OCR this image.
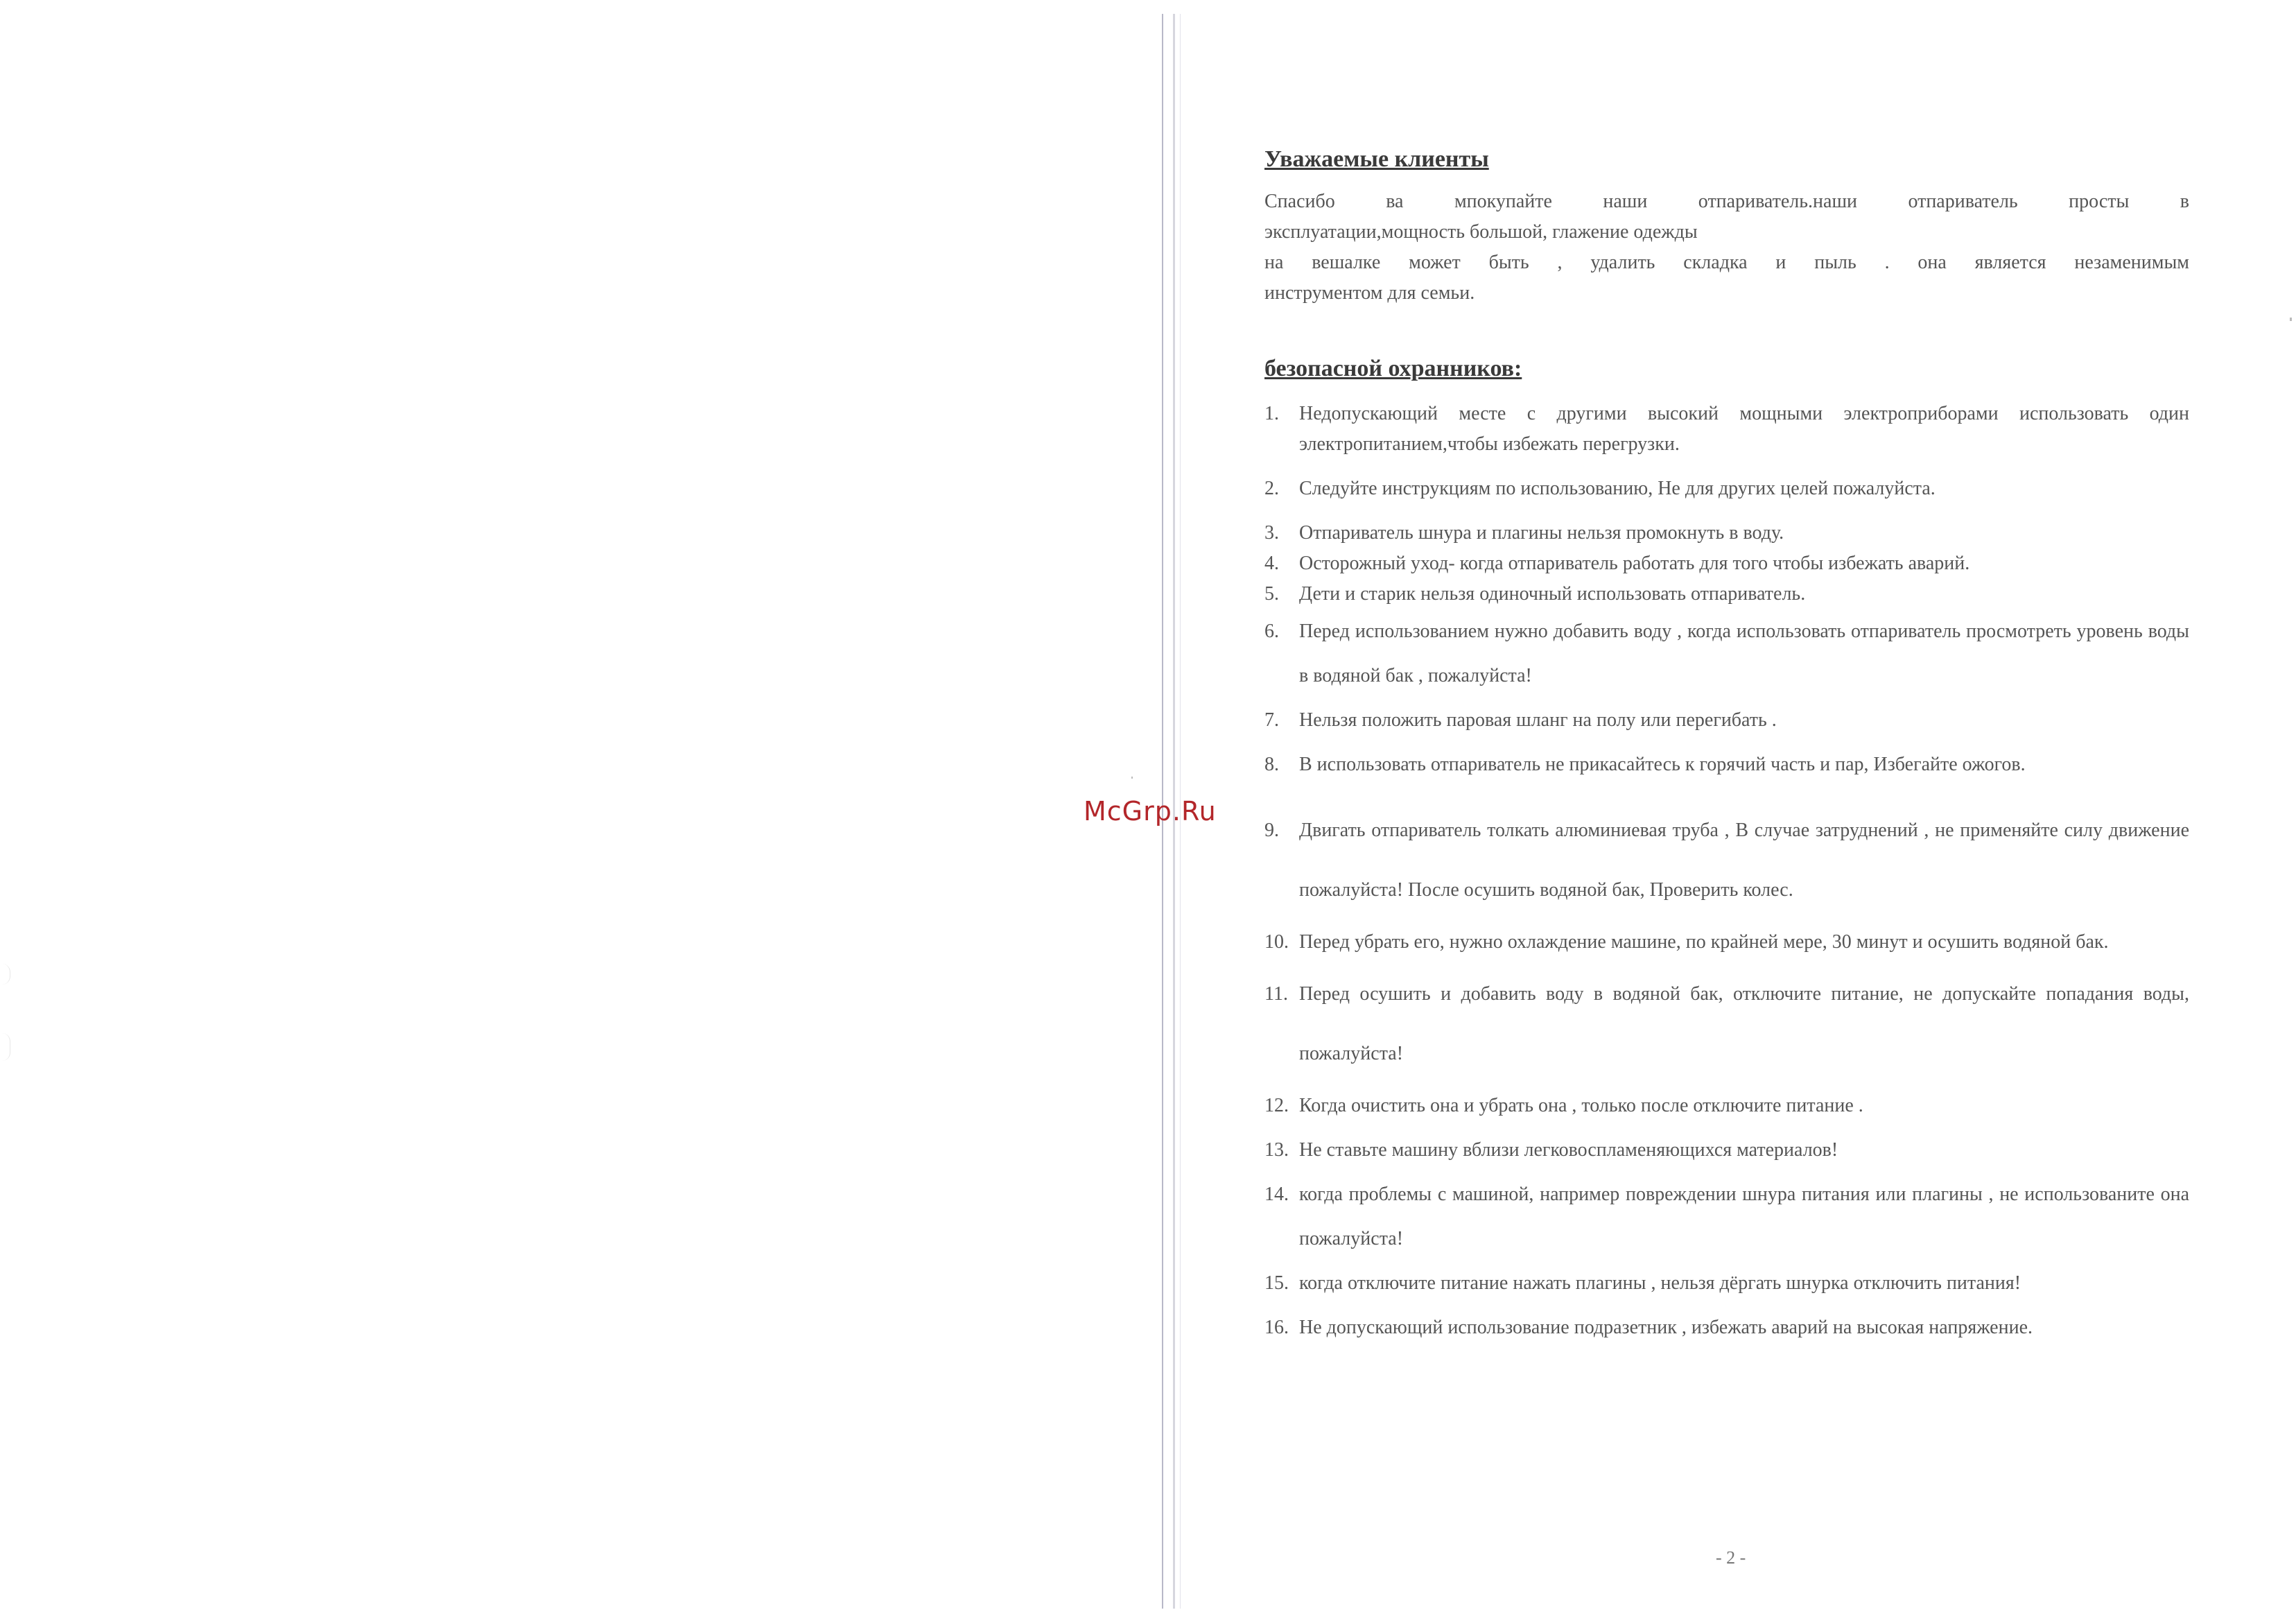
McGrp.Ru
Уважаемые клиенты
Спасибо ва мпокупайте наши отпариватель.наши отпариватель просты в
эксплуатации,мощность большой, глажение одежды
на вешалке может быть , удалить складка и пыль . она является незаменимым
инструментом для семьи.
безопасной охранников:
1.	Недопускающий месте с другими высокий мощными электроприборами использовать один электропитанием,чтобы избежать перегрузки.
2.	Следуйте инструкциям по использованию, Не для других целей пожалуйста.
3.	Отпариватель шнура и плагины нельзя промокнуть в воду.
4.	Осторожный уход- когда отпариватель работать для того чтобы избежать аварий.
5.	Дети и старик нельзя одиночный использовать отпариватель.
6.	Перед использованием нужно добавить воду , когда использовать отпариватель просмотреть уровень воды в водяной бак , пожалуйста!
7.	Нельзя положить паровая шланг на полу или перегибать .
8.	В использовать отпариватель не прикасайтесь к горячий часть и пар, Избегайте ожогов.
9.	Двигать отпариватель толкать алюминиевая труба , В случае затруднений , не применяйте силу движение пожалуйста! После осушить водяной бак, Проверить колес.
10. Перед убрать его, нужно охлаждение машине, по крайней мере, 30 минут и осушить водяной бак.
11. Перед осушить и добавить воду в водяной бак, отключите питание, не допускайте попадания воды, пожалуйста!
12. Когда очистить она и убрать она , только после отключите питание .
13. Не ставьте машину вблизи легковоспламеняющихся материалов!
14. когда проблемы с машиной, например повреждении шнура питания или плагины , не использованите она пожалуйста!
15. когда отключите питание нажать плагины , нельзя дёргать шнурка отключить питания!
16. Не допускающий использование подразетник , избежать аварий на высокая напряжение.
- 2 -
